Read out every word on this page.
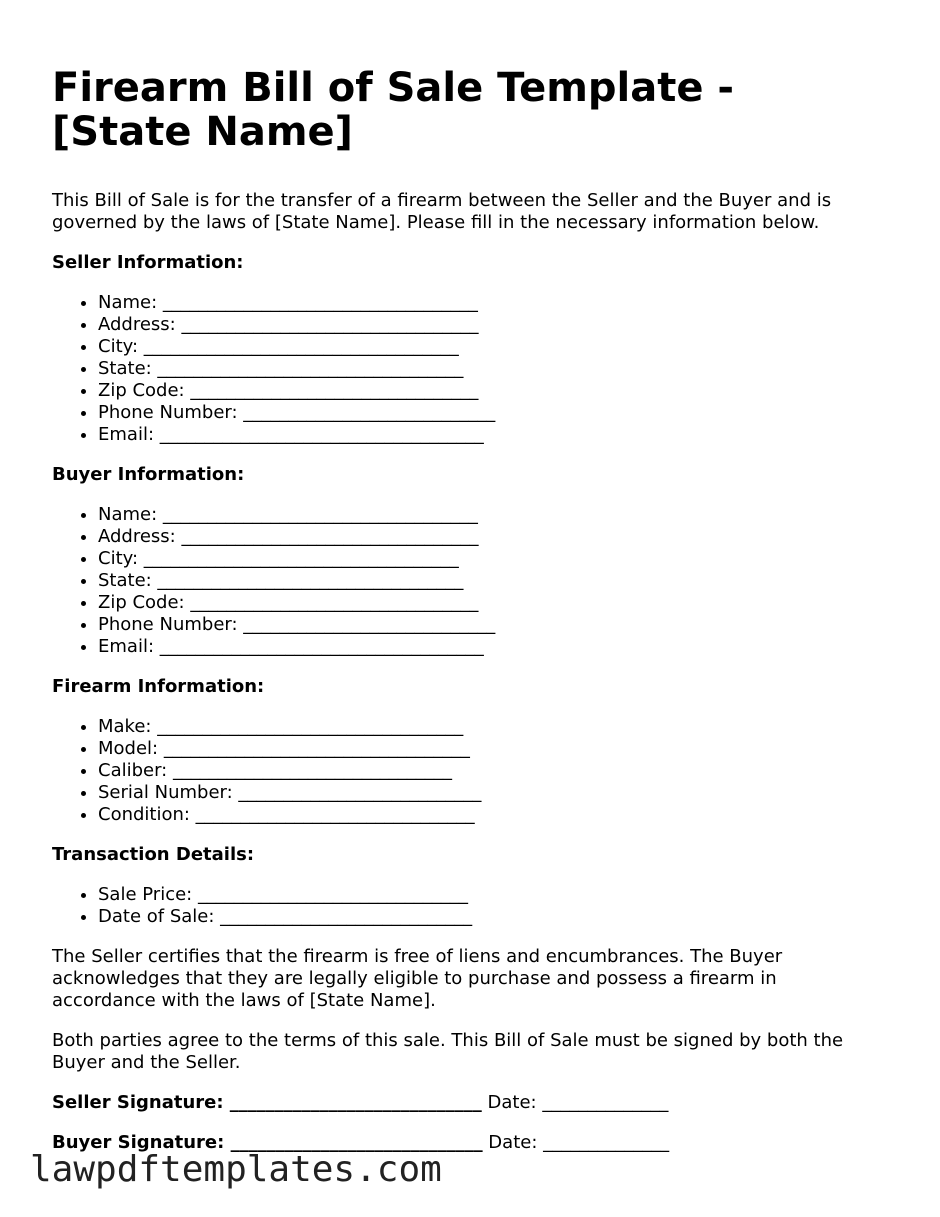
Firearm Bill of Sale Template - [State Name]

This Bill of Sale is for the transfer of a firearm between the Seller and the Buyer and is governed by the laws of [State Name]. Please fill in the necessary information below.

Seller Information:
• Name: ___________________________________
• Address: _________________________________
• City: ___________________________________
• State: __________________________________
• Zip Code: ________________________________
• Phone Number: ____________________________
• Email: ____________________________________
Buyer Information:
• Name: ___________________________________
• Address: _________________________________
• City: ___________________________________
• State: __________________________________
• Zip Code: ________________________________
• Phone Number: ____________________________
• Email: ____________________________________
Firearm Information:
• Make: __________________________________
• Model: __________________________________
• Caliber: _______________________________
• Serial Number: ___________________________
• Condition: _______________________________
Transaction Details:
• Sale Price: ______________________________
• Date of Sale: ____________________________

The Seller certifies that the firearm is free of liens and encumbrances. The Buyer acknowledges that they are legally eligible to purchase and possess a firearm in accordance with the laws of [State Name].

Both parties agree to the terms of this sale. This Bill of Sale must be signed by both the Buyer and the Seller.

Seller Signature: ____________________________ Date: ______________
Buyer Signature: ____________________________ Date: ______________
lawpdftemplates.com
